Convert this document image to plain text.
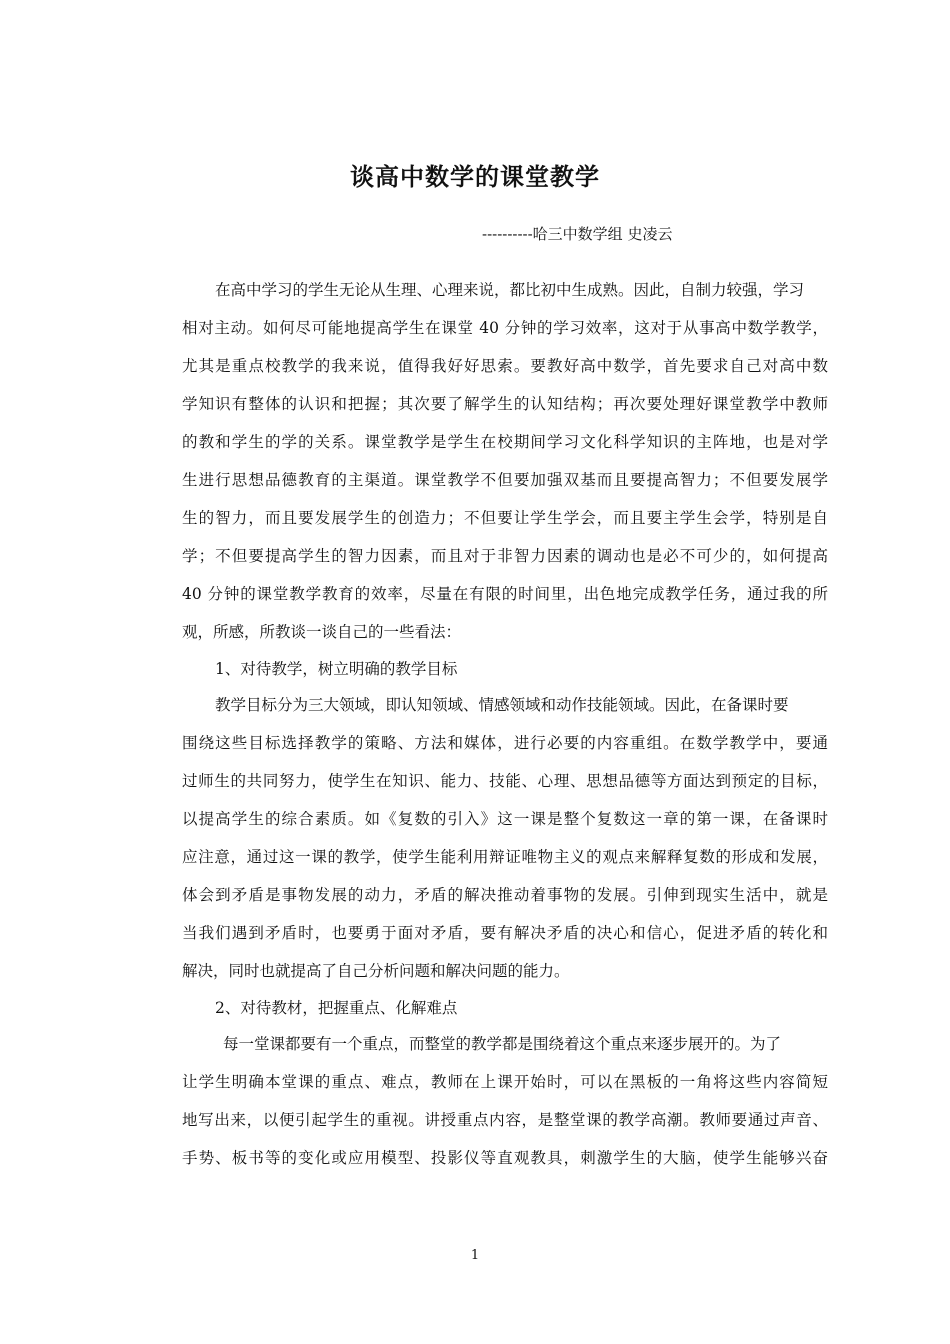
谈高中数学的课堂教学
----------哈三中数学组 史凌云
在高中学习的学生无论从生理、心理来说，都比初中生成熟。因此，自制力较强，学习
相对主动。如何尽可能地提高学生在课堂 40 分钟的学习效率，这对于从事高中数学教学，
尤其是重点校教学的我来说，值得我好好思索。要教好高中数学，首先要求自己对高中数
学知识有整体的认识和把握；其次要了解学生的认知结构；再次要处理好课堂教学中教师
的教和学生的学的关系。课堂教学是学生在校期间学习文化科学知识的主阵地，也是对学
生进行思想品德教育的主渠道。课堂教学不但要加强双基而且要提高智力；不但要发展学
生的智力，而且要发展学生的创造力；不但要让学生学会，而且要主学生会学，特别是自
学；不但要提高学生的智力因素，而且对于非智力因素的调动也是必不可少的，如何提高
40 分钟的课堂教学教育的效率，尽量在有限的时间里，出色地完成教学任务，通过我的所
观，所感，所教谈一谈自己的一些看法：
1、对待教学，树立明确的教学目标
教学目标分为三大领域，即认知领域、情感领域和动作技能领域。因此，在备课时要
围绕这些目标选择教学的策略、方法和媒体，进行必要的内容重组。在数学教学中，要通
过师生的共同努力，使学生在知识、能力、技能、心理、思想品德等方面达到预定的目标，
以提高学生的综合素质。如《复数的引入》这一课是整个复数这一章的第一课，在备课时
应注意，通过这一课的教学，使学生能利用辩证唯物主义的观点来解释复数的形成和发展，
体会到矛盾是事物发展的动力，矛盾的解决推动着事物的发展。引伸到现实生活中，就是
当我们遇到矛盾时，也要勇于面对矛盾，要有解决矛盾的决心和信心，促进矛盾的转化和
解决，同时也就提高了自己分析问题和解决问题的能力。
2、对待教材，把握重点、化解难点
每一堂课都要有一个重点，而整堂的教学都是围绕着这个重点来逐步展开的。为了
让学生明确本堂课的重点、难点，教师在上课开始时，可以在黑板的一角将这些内容简短
地写出来，以便引起学生的重视。讲授重点内容，是整堂课的教学高潮。教师要通过声音、
手势、板书等的变化或应用模型、投影仪等直观教具，刺激学生的大脑，使学生能够兴奋
1
